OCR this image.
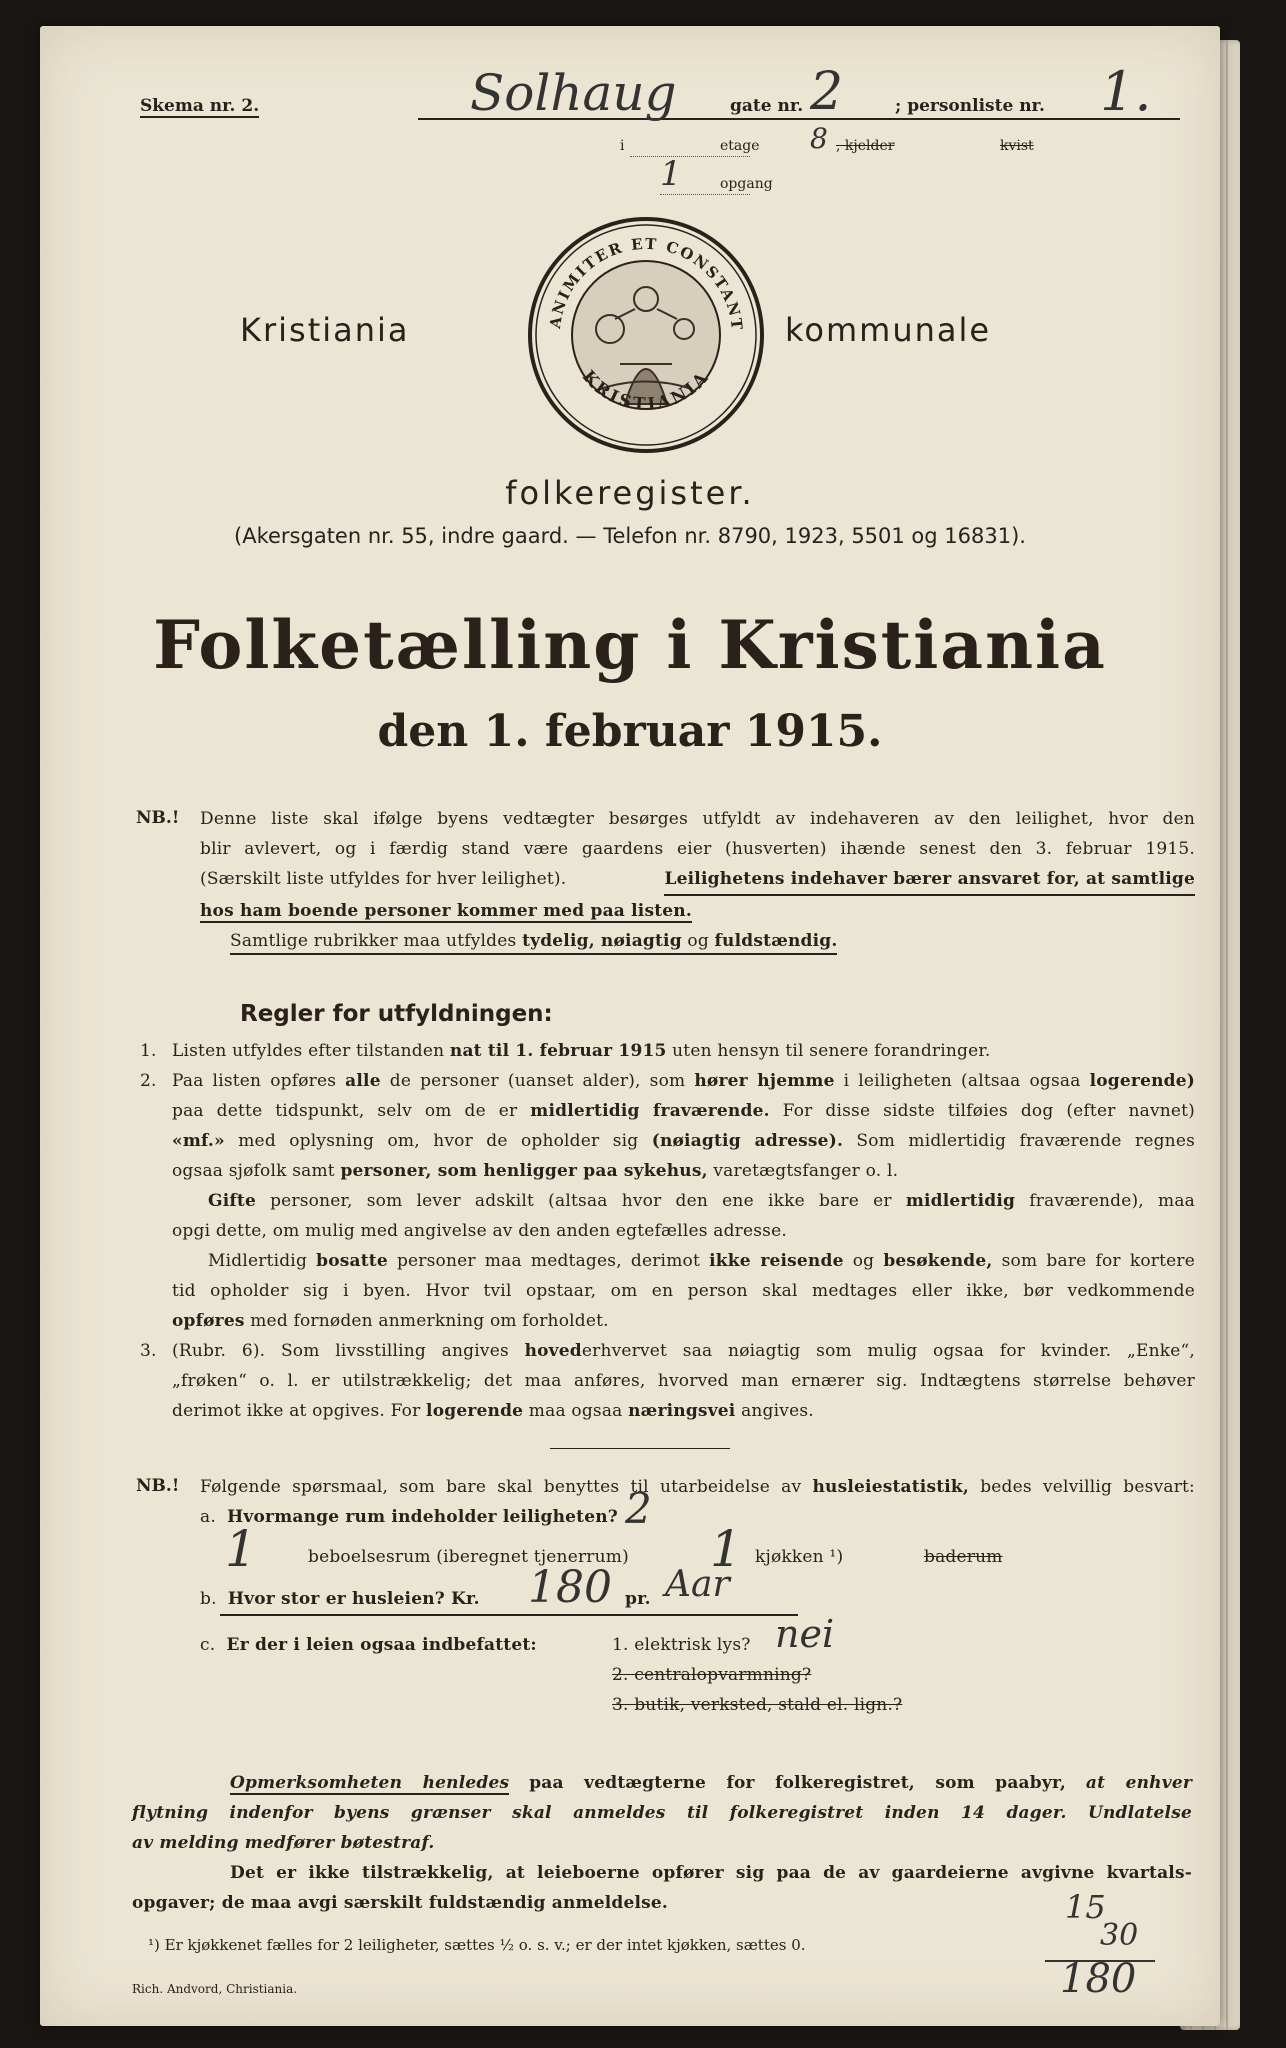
Skema nr. 2.	Solhaug	gate nr. 2	; personliste nr. 1.
i	etage 8 , kjelder	kvist
1	opgang
Kristiania	kommunale
ANIMITER ET CONSTANT
KRISTIANIA
folkeregister.
(Akersgaten nr. 55, indre gaard. — Telefon nr. 8790, 1923, 5501 og 16831).
Folketælling i Kristiania
den 1. februar 1915.
NB.! Denne liste skal ifølge byens vedtægter besørges utfyldt av indehaveren av den leilighet, hvor den
blir avlevert, og i færdig stand være gaardens eier (husverten) ihænde senest den 3. februar 1915.
(Særskilt liste utfyldes for hver leilighet).	Leilighetens indehaver bærer ansvaret for, at samtlige
hos ham boende personer kommer med paa listen.
Samtlige rubrikker maa utfyldes tydelig, nøiagtig og fuldstændig.
Regler for utfyldningen:
1. Listen utfyldes efter tilstanden nat til 1. februar 1915 uten hensyn til senere forandringer.
2. Paa listen opføres alle de personer (uanset alder), som hører hjemme i leiligheten (altsaa ogsaa logerende)
paa dette tidspunkt, selv om de er midlertidig fraværende. For disse sidste tilføies dog (efter navnet)
«mf.» med oplysning om, hvor de opholder sig (nøiagtig adresse). Som midlertidig fraværende regnes
ogsaa sjøfolk samt personer, som henligger paa sykehus, varetægtsfanger o. l.
Gifte personer, som lever adskilt (altsaa hvor den ene ikke bare er midlertidig fraværende), maa
opgi dette, om mulig med angivelse av den anden egtefælles adresse.
Midlertidig bosatte personer maa medtages, derimot ikke reisende og besøkende, som bare for kortere
tid opholder sig i byen. Hvor tvil opstaar, om en person skal medtages eller ikke, bør vedkommende
opføres med fornøden anmerkning om forholdet.
3. (Rubr. 6). Som livsstilling angives hovederhvervet saa nøiagtig som mulig ogsaa for kvinder. „Enke“,
„frøken“ o. l. er utilstrækkelig; det maa anføres, hvorved man ernærer sig. Indtægtens størrelse behøver
derimot ikke at opgives. For logerende maa ogsaa næringsvei angives.
NB.! Følgende spørsmaal, som bare skal benyttes til utarbeidelse av husleiestatistik, bedes velvillig besvart:
a. Hvormange rum indeholder leiligheten? 2
1	beboelsesrum (iberegnet tjenerrum) 1 kjøkken ¹)	baderum
b. Hvor stor er husleien? Kr. 180 pr. Aar
c. Er der i leien ogsaa indbefattet:	1. elektrisk lys? nei
2. centralopvarmning?
3. butik, verksted, stald el. lign.?
Opmerksomheten henledes paa vedtægterne for folkeregistret, som paabyr, at enhver
flytning indenfor byens grænser skal anmeldes til folkeregistret inden 14 dager. Undlatelse
av melding medfører bøtestraf.
Det er ikke tilstrækkelig, at leieboerne opfører sig paa de av gaardeierne avgivne kvartals-
opgaver; de maa avgi særskilt fuldstændig anmeldelse.
¹) Er kjøkkenet fælles for 2 leiligheter, sættes ½ o. s. v.; er der intet kjøkken, sættes 0.
Rich. Andvord, Christiania.
15
30
180
